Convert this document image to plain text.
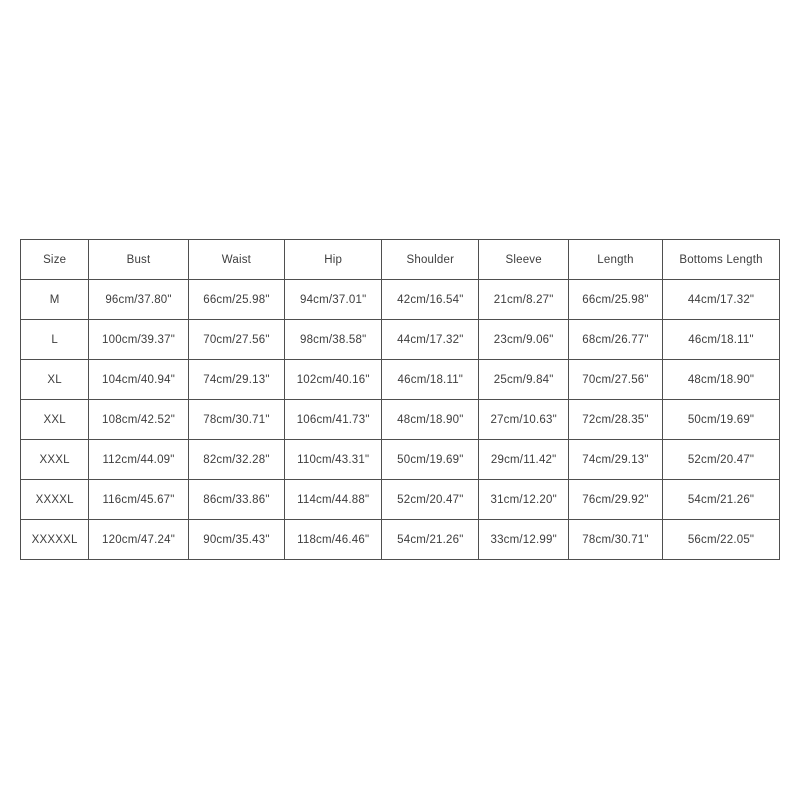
Size	Bust	Waist	Hip	Shoulder	Sleeve	Length	Bottoms Length
M	96cm/37.80"	66cm/25.98"	94cm/37.01"	42cm/16.54"	21cm/8.27"	66cm/25.98"	44cm/17.32"
L	100cm/39.37"	70cm/27.56"	98cm/38.58"	44cm/17.32"	23cm/9.06"	68cm/26.77"	46cm/18.11"
XL	104cm/40.94"	74cm/29.13"	102cm/40.16"	46cm/18.11"	25cm/9.84"	70cm/27.56"	48cm/18.90"
XXL	108cm/42.52"	78cm/30.71"	106cm/41.73"	48cm/18.90"	27cm/10.63"	72cm/28.35"	50cm/19.69"
XXXL	112cm/44.09"	82cm/32.28"	110cm/43.31"	50cm/19.69"	29cm/11.42"	74cm/29.13"	52cm/20.47"
XXXXL	116cm/45.67"	86cm/33.86"	114cm/44.88"	52cm/20.47"	31cm/12.20"	76cm/29.92"	54cm/21.26"
XXXXXL	120cm/47.24"	90cm/35.43"	118cm/46.46"	54cm/21.26"	33cm/12.99"	78cm/30.71"	56cm/22.05"
